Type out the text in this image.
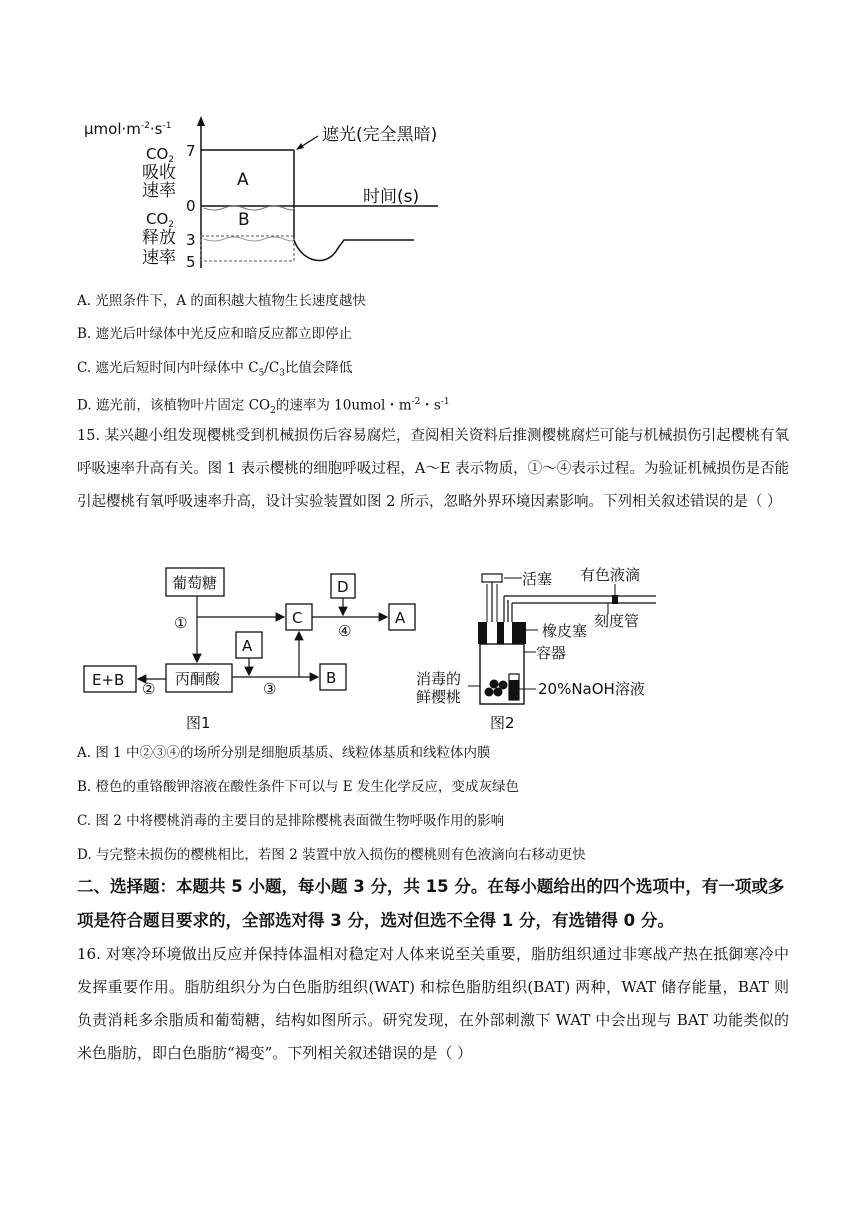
$\mu mol\cdot m^{-2}\cdot s^{-1}$
7
0
3
5
$CO_2$
吸收
速率
$CO_2$
释放
速率
A
B
遮光(完全黑暗)
时间(s)
A. 光照条件下，A 的面积越大植物生长速度越快
B. 遮光后叶绿体中光反应和暗反应都立即停止
C. 遮光后短时间内叶绿体中 $C_5/C_3$比值会降低
D. 遮光前，该植物叶片固定 $CO_2$的速率为 10umol・$m^{-2}$・$s^{-1}$
15. 某兴趣小组发现樱桃受到机械损伤后容易腐烂，查阅相关资料后推测樱桃腐烂可能与机械损伤引起樱桃有氧呼吸速率升高有关。图 1 表示樱桃的细胞呼吸过程，A～E 表示物质，①～④表示过程。为验证机械损伤是否能引起樱桃有氧呼吸速率升高，设计实验装置如图 2 所示，忽略外界环境因素影响。下列相关叙述错误的是（ ）
葡萄糖	D
C	A
A
丙酮酸	B
E+B
①
②	③
④
图1
活塞 有色液滴
橡皮塞
刻度管
容器
消毒的
鲜樱桃	20%NaOH溶液
图2
A. 图 1 中②③④的场所分别是细胞质基质、线粒体基质和线粒体内膜
B. 橙色的重铬酸钾溶液在酸性条件下可以与 E 发生化学反应，变成灰绿色
C. 图 2 中将樱桃消毒的主要目的是排除樱桃表面微生物呼吸作用的影响
D. 与完整未损伤的樱桃相比，若图 2 装置中放入损伤的樱桃则有色液滴向右移动更快
二、选择题：本题共 5 小题，每小题 3 分，共 15 分。在每小题给出的四个选项中，有一项或多项是符合题目要求的，全部选对得 3 分，选对但选不全得 1 分，有选错得 0 分。
16. 对寒冷环境做出反应并保持体温相对稳定对人体来说至关重要，脂肪组织通过非寒战产热在抵御寒冷中发挥重要作用。脂肪组织分为白色脂肪组织(WAT) 和棕色脂肪组织(BAT) 两种，WAT 储存能量，BAT 则负责消耗多余脂质和葡萄糖，结构如图所示。研究发现，在外部刺激下 WAT 中会出现与 BAT 功能类似的米色脂肪，即白色脂肪“褐变”。下列相关叙述错误的是（ ）
